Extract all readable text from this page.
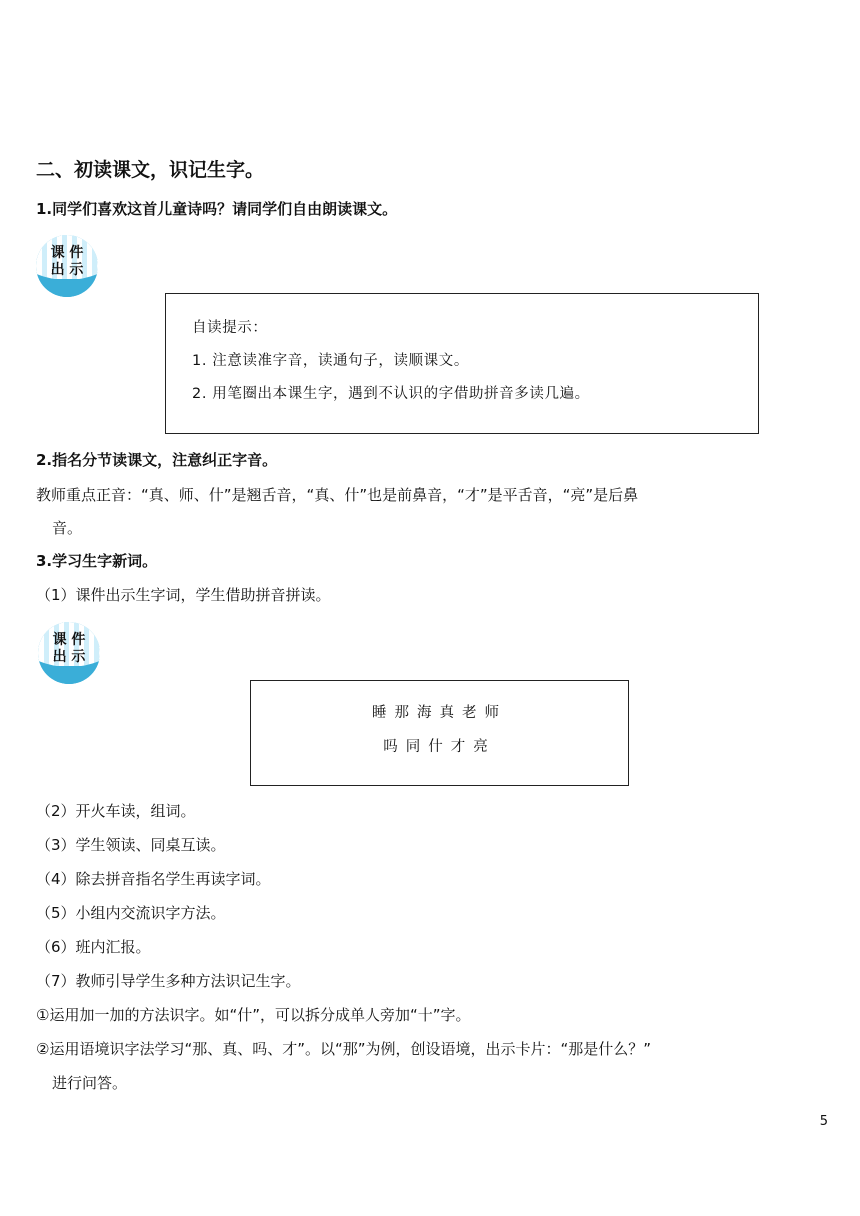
二、初读课文，识记生字。
1.同学们喜欢这首儿童诗吗？请同学们自由朗读课文。
课 件
出 示
自读提示：
1. 注意读准字音，读通句子，读顺课文。
2. 用笔圈出本课生字，遇到不认识的字借助拼音多读几遍。
2.指名分节读课文，注意纠正字音。
教师重点正音：“真、师、什”是翘舌音，“真、什”也是前鼻音，“才”是平舌音，“亮”是后鼻
音。
3.学习生字新词。
（1）课件出示生字词，学生借助拼音拼读。
课 件
出 示
睡那海真老师
吗同什才亮
（2）开火车读，组词。
（3）学生领读、同桌互读。
（4）除去拼音指名学生再读字词。
（5）小组内交流识字方法。
（6）班内汇报。
（7）教师引导学生多种方法识记生字。
①运用加一加的方法识字。如“什”，可以拆分成单人旁加“十”字。
②运用语境识字法学习“那、真、吗、才”。以“那”为例，创设语境，出示卡片：“那是什么？”
进行问答。
5
